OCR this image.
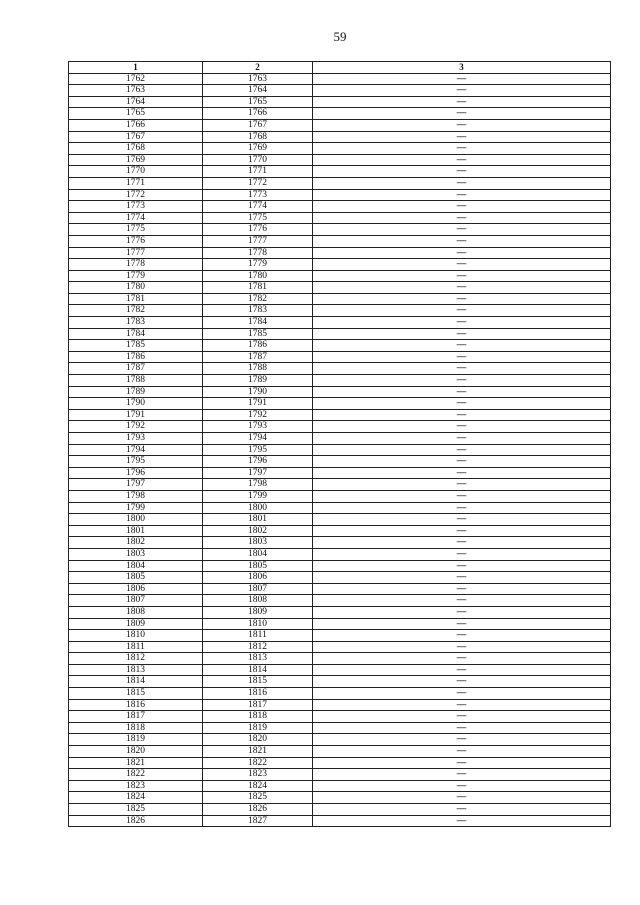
59
1	2	3
1762	1763	—
1763	1764	—
1764	1765	—
1765	1766	—
1766	1767	—
1767	1768	—
1768	1769	—
1769	1770	—
1770	1771	—
1771	1772	—
1772	1773	—
1773	1774	—
1774	1775	—
1775	1776	—
1776	1777	—
1777	1778	—
1778	1779	—
1779	1780	—
1780	1781	—
1781	1782	—
1782	1783	—
1783	1784	—
1784	1785	—
1785	1786	—
1786	1787	—
1787	1788	—
1788	1789	—
1789	1790	—
1790	1791	—
1791	1792	—
1792	1793	—
1793	1794	—
1794	1795	—
1795	1796	—
1796	1797	—
1797	1798	—
1798	1799	—
1799	1800	—
1800	1801	—
1801	1802	—
1802	1803	—
1803	1804	—
1804	1805	—
1805	1806	—
1806	1807	—
1807	1808	—
1808	1809	—
1809	1810	—
1810	1811	—
1811	1812	—
1812	1813	—
1813	1814	—
1814	1815	—
1815	1816	—
1816	1817	—
1817	1818	—
1818	1819	—
1819	1820	—
1820	1821	—
1821	1822	—
1822	1823	—
1823	1824	—
1824	1825	—
1825	1826	—
1826	1827	—
